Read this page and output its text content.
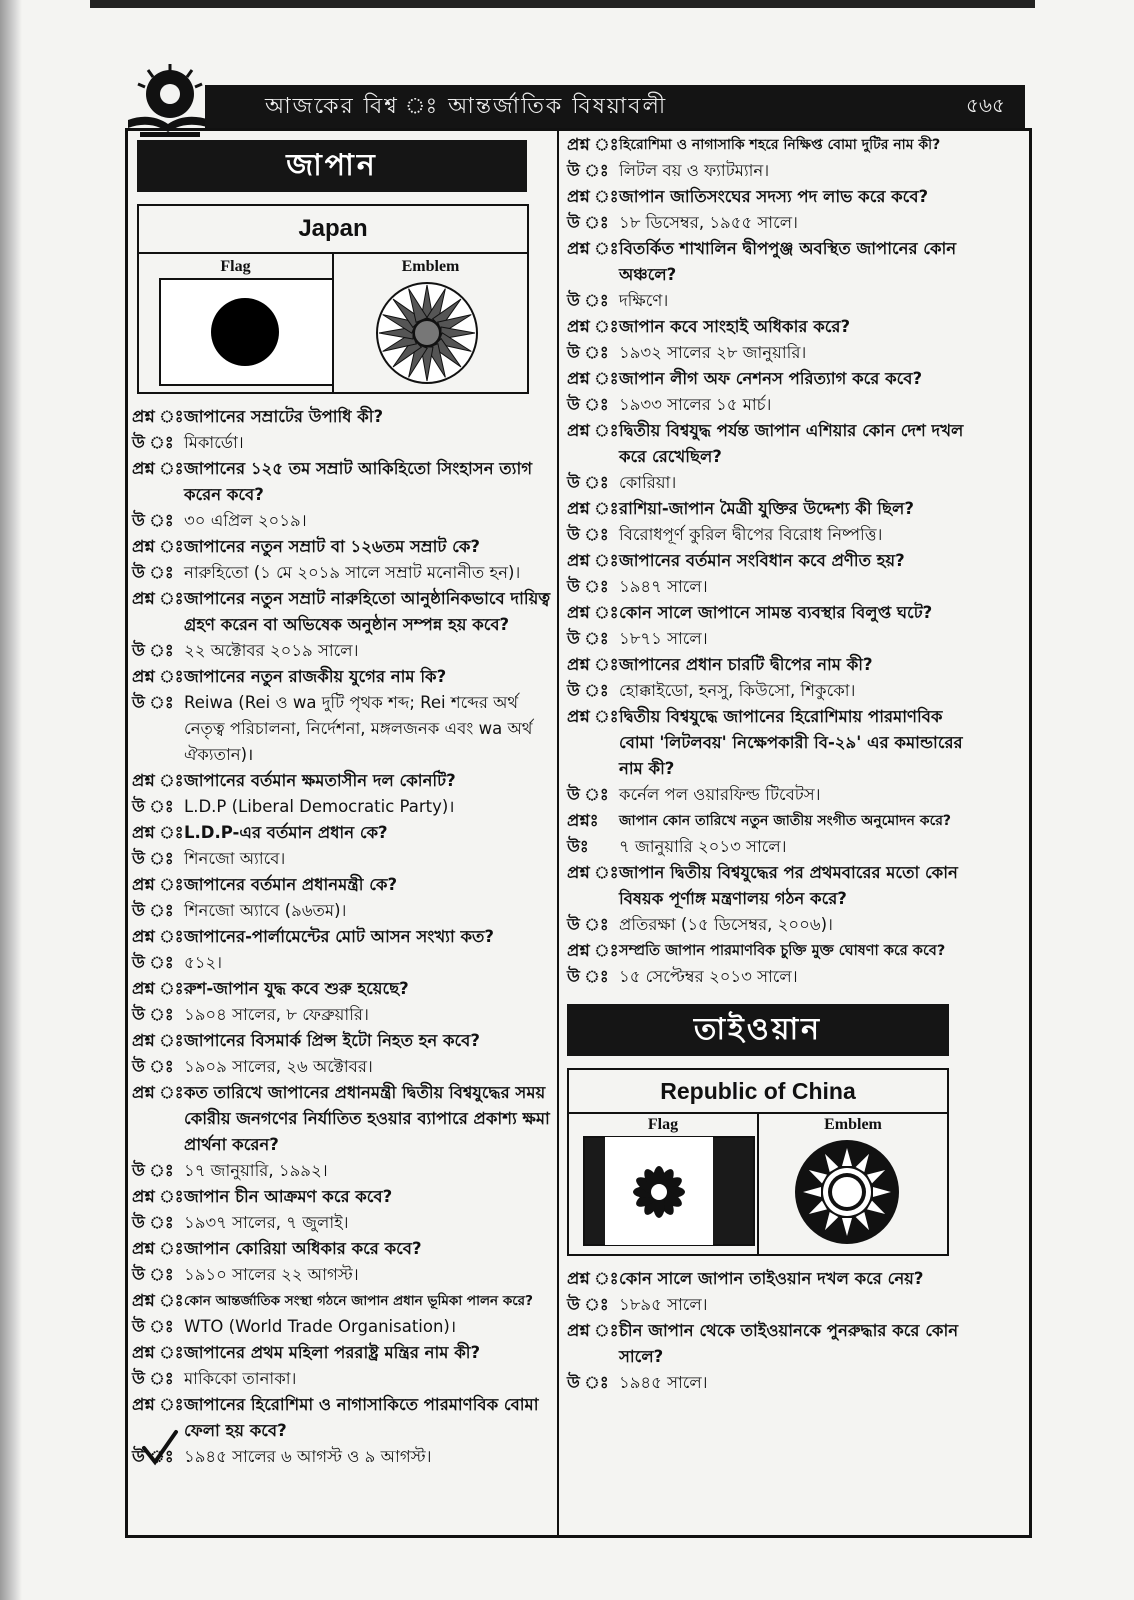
আজকের বিশ্ব ঃ আন্তর্জাতিক বিষয়াবলী	৫৬৫
জাপান
Japan
Flag	Emblem
প্রশ্ন ঃ জাপানের সম্রাটের উপাধি কী?
উ ঃ মিকার্ডো।
প্রশ্ন ঃ জাপানের ১২৫ তম সম্রাট আকিহিতো সিংহাসন ত্যাগ করেন কবে?
উ ঃ ৩০ এপ্রিল ২০১৯।
প্রশ্ন ঃ জাপানের নতুন সম্রাট বা ১২৬তম সম্রাট কে?
উ ঃ নারুহিতো (১ মে ২০১৯ সালে সম্রাট মনোনীত হন)।
প্রশ্ন ঃ জাপানের নতুন সম্রাট নারুহিতো আনুষ্ঠানিকভাবে দায়িত্ব গ্রহণ করেন বা অভিষেক অনুষ্ঠান সম্পন্ন হয় কবে?
উ ঃ ২২ অক্টোবর ২০১৯ সালে।
প্রশ্ন ঃ জাপানের নতুন রাজকীয় যুগের নাম কি?
উ ঃ Reiwa (Rei ও wa দুটি পৃথক শব্দ; Rei শব্দের অর্থ নেতৃত্ব পরিচালনা, নির্দেশনা, মঙ্গলজনক এবং wa অর্থ ঐক্যতান)।
প্রশ্ন ঃ জাপানের বর্তমান ক্ষমতাসীন দল কোনটি?
উ ঃ L.D.P (Liberal Democratic Party)।
প্রশ্ন ঃ L.D.P-এর বর্তমান প্রধান কে?
উ ঃ শিনজো অ্যাবে।
প্রশ্ন ঃ জাপানের বর্তমান প্রধানমন্ত্রী কে?
উ ঃ শিনজো অ্যাবে (৯৬তম)।
প্রশ্ন ঃ জাপানের-পার্লামেন্টের মোট আসন সংখ্যা কত?
উ ঃ ৫১২।
প্রশ্ন ঃ রুশ-জাপান যুদ্ধ কবে শুরু হয়েছে?
উ ঃ ১৯০৪ সালের, ৮ ফেব্রুয়ারি।
প্রশ্ন ঃ জাপানের বিসমার্ক প্রিন্স ইটো নিহত হন কবে?
উ ঃ ১৯০৯ সালের, ২৬ অক্টোবর।
প্রশ্ন ঃ কত তারিখে জাপানের প্রধানমন্ত্রী দ্বিতীয় বিশ্বযুদ্ধের সময় কোরীয় জনগণের নির্যাতিত হওয়ার ব্যাপারে প্রকাশ্য ক্ষমা প্রার্থনা করেন?
উ ঃ ১৭ জানুয়ারি, ১৯৯২।
প্রশ্ন ঃ জাপান চীন আক্রমণ করে কবে?
উ ঃ ১৯৩৭ সালের, ৭ জুলাই।
প্রশ্ন ঃ জাপান কোরিয়া অধিকার করে কবে?
উ ঃ ১৯১০ সালের ২২ আগস্ট।
প্রশ্ন ঃ কোন আন্তর্জাতিক সংস্থা গঠনে জাপান প্রধান ভূমিকা পালন করে?
উ ঃ WTO (World Trade Organisation)।
প্রশ্ন ঃ জাপানের প্রথম মহিলা পররাষ্ট্র মন্ত্রির নাম কী?
উ ঃ মাকিকো তানাকা।
প্রশ্ন ঃ জাপানের হিরোশিমা ও নাগাসাকিতে পারমাণবিক বোমা ফেলা হয় কবে?
উ ঃ ১৯৪৫ সালের ৬ আগস্ট ও ৯ আগস্ট।
প্রশ্ন ঃ হিরোশিমা ও নাগাসাকি শহরে নিক্ষিপ্ত বোমা দুটির নাম কী?
উ ঃ লিটল বয় ও ফ্যাটম্যান।
প্রশ্ন ঃ জাপান জাতিসংঘের সদস্য পদ লাভ করে কবে?
উ ঃ ১৮ ডিসেম্বর, ১৯৫৫ সালে।
প্রশ্ন ঃ বিতর্কিত শাখালিন দ্বীপপুঞ্জ অবস্থিত জাপানের কোন অঞ্চলে?
উ ঃ দক্ষিণে।
প্রশ্ন ঃ জাপান কবে সাংহাই অধিকার করে?
উ ঃ ১৯৩২ সালের ২৮ জানুয়ারি।
প্রশ্ন ঃ জাপান লীগ অফ নেশনস পরিত্যাগ করে কবে?
উ ঃ ১৯৩৩ সালের ১৫ মার্চ।
প্রশ্ন ঃ দ্বিতীয় বিশ্বযুদ্ধ পর্যন্ত জাপান এশিয়ার কোন দেশ দখল করে রেখেছিল?
উ ঃ কোরিয়া।
প্রশ্ন ঃ রাশিয়া-জাপান মৈত্রী যুক্তির উদ্দেশ্য কী ছিল?
উ ঃ বিরোধপূর্ণ কুরিল দ্বীপের বিরোধ নিষ্পত্তি।
প্রশ্ন ঃ জাপানের বর্তমান সংবিধান কবে প্রণীত হয়?
উ ঃ ১৯৪৭ সালে।
প্রশ্ন ঃ কোন সালে জাপানে সামন্ত ব্যবস্থার বিলুপ্ত ঘটে?
উ ঃ ১৮৭১ সালে।
প্রশ্ন ঃ জাপানের প্রধান চারটি দ্বীপের নাম কী?
উ ঃ হোক্কাইডো, হনসু, কিউসো, শিকুকো।
প্রশ্ন ঃ দ্বিতীয় বিশ্বযুদ্ধে জাপানের হিরোশিমায় পারমাণবিক বোমা 'লিটলবয়' নিক্ষেপকারী বি-২৯' এর কমান্ডারের নাম কী?
উ ঃ কর্নেল পল ওয়ারফিল্ড টিবেটস।
প্রশ্নঃ	জাপান কোন তারিখে নতুন জাতীয় সংগীত অনুমোদন করে?
উঃ	৭ জানুয়ারি ২০১৩ সালে।
প্রশ্ন ঃ জাপান দ্বিতীয় বিশ্বযুদ্ধের পর প্রথমবারের মতো কোন বিষয়ক পূর্ণাঙ্গ মন্ত্রণালয় গঠন করে?
উ ঃ প্রতিরক্ষা (১৫ ডিসেম্বর, ২০০৬)।
প্রশ্ন ঃ সম্প্রতি জাপান পারমাণবিক চুক্তি মুক্ত ঘোষণা করে কবে?
উ ঃ ১৫ সেপ্টেম্বর ২০১৩ সালে।
তাইওয়ান
Republic of China
Flag	Emblem
প্রশ্ন ঃ কোন সালে জাপান তাইওয়ান দখল করে নেয়?
উ ঃ ১৮৯৫ সালে।
প্রশ্ন ঃ চীন জাপান থেকে তাইওয়ানকে পুনরুদ্ধার করে কোন সালে?
উ ঃ ১৯৪৫ সালে।
